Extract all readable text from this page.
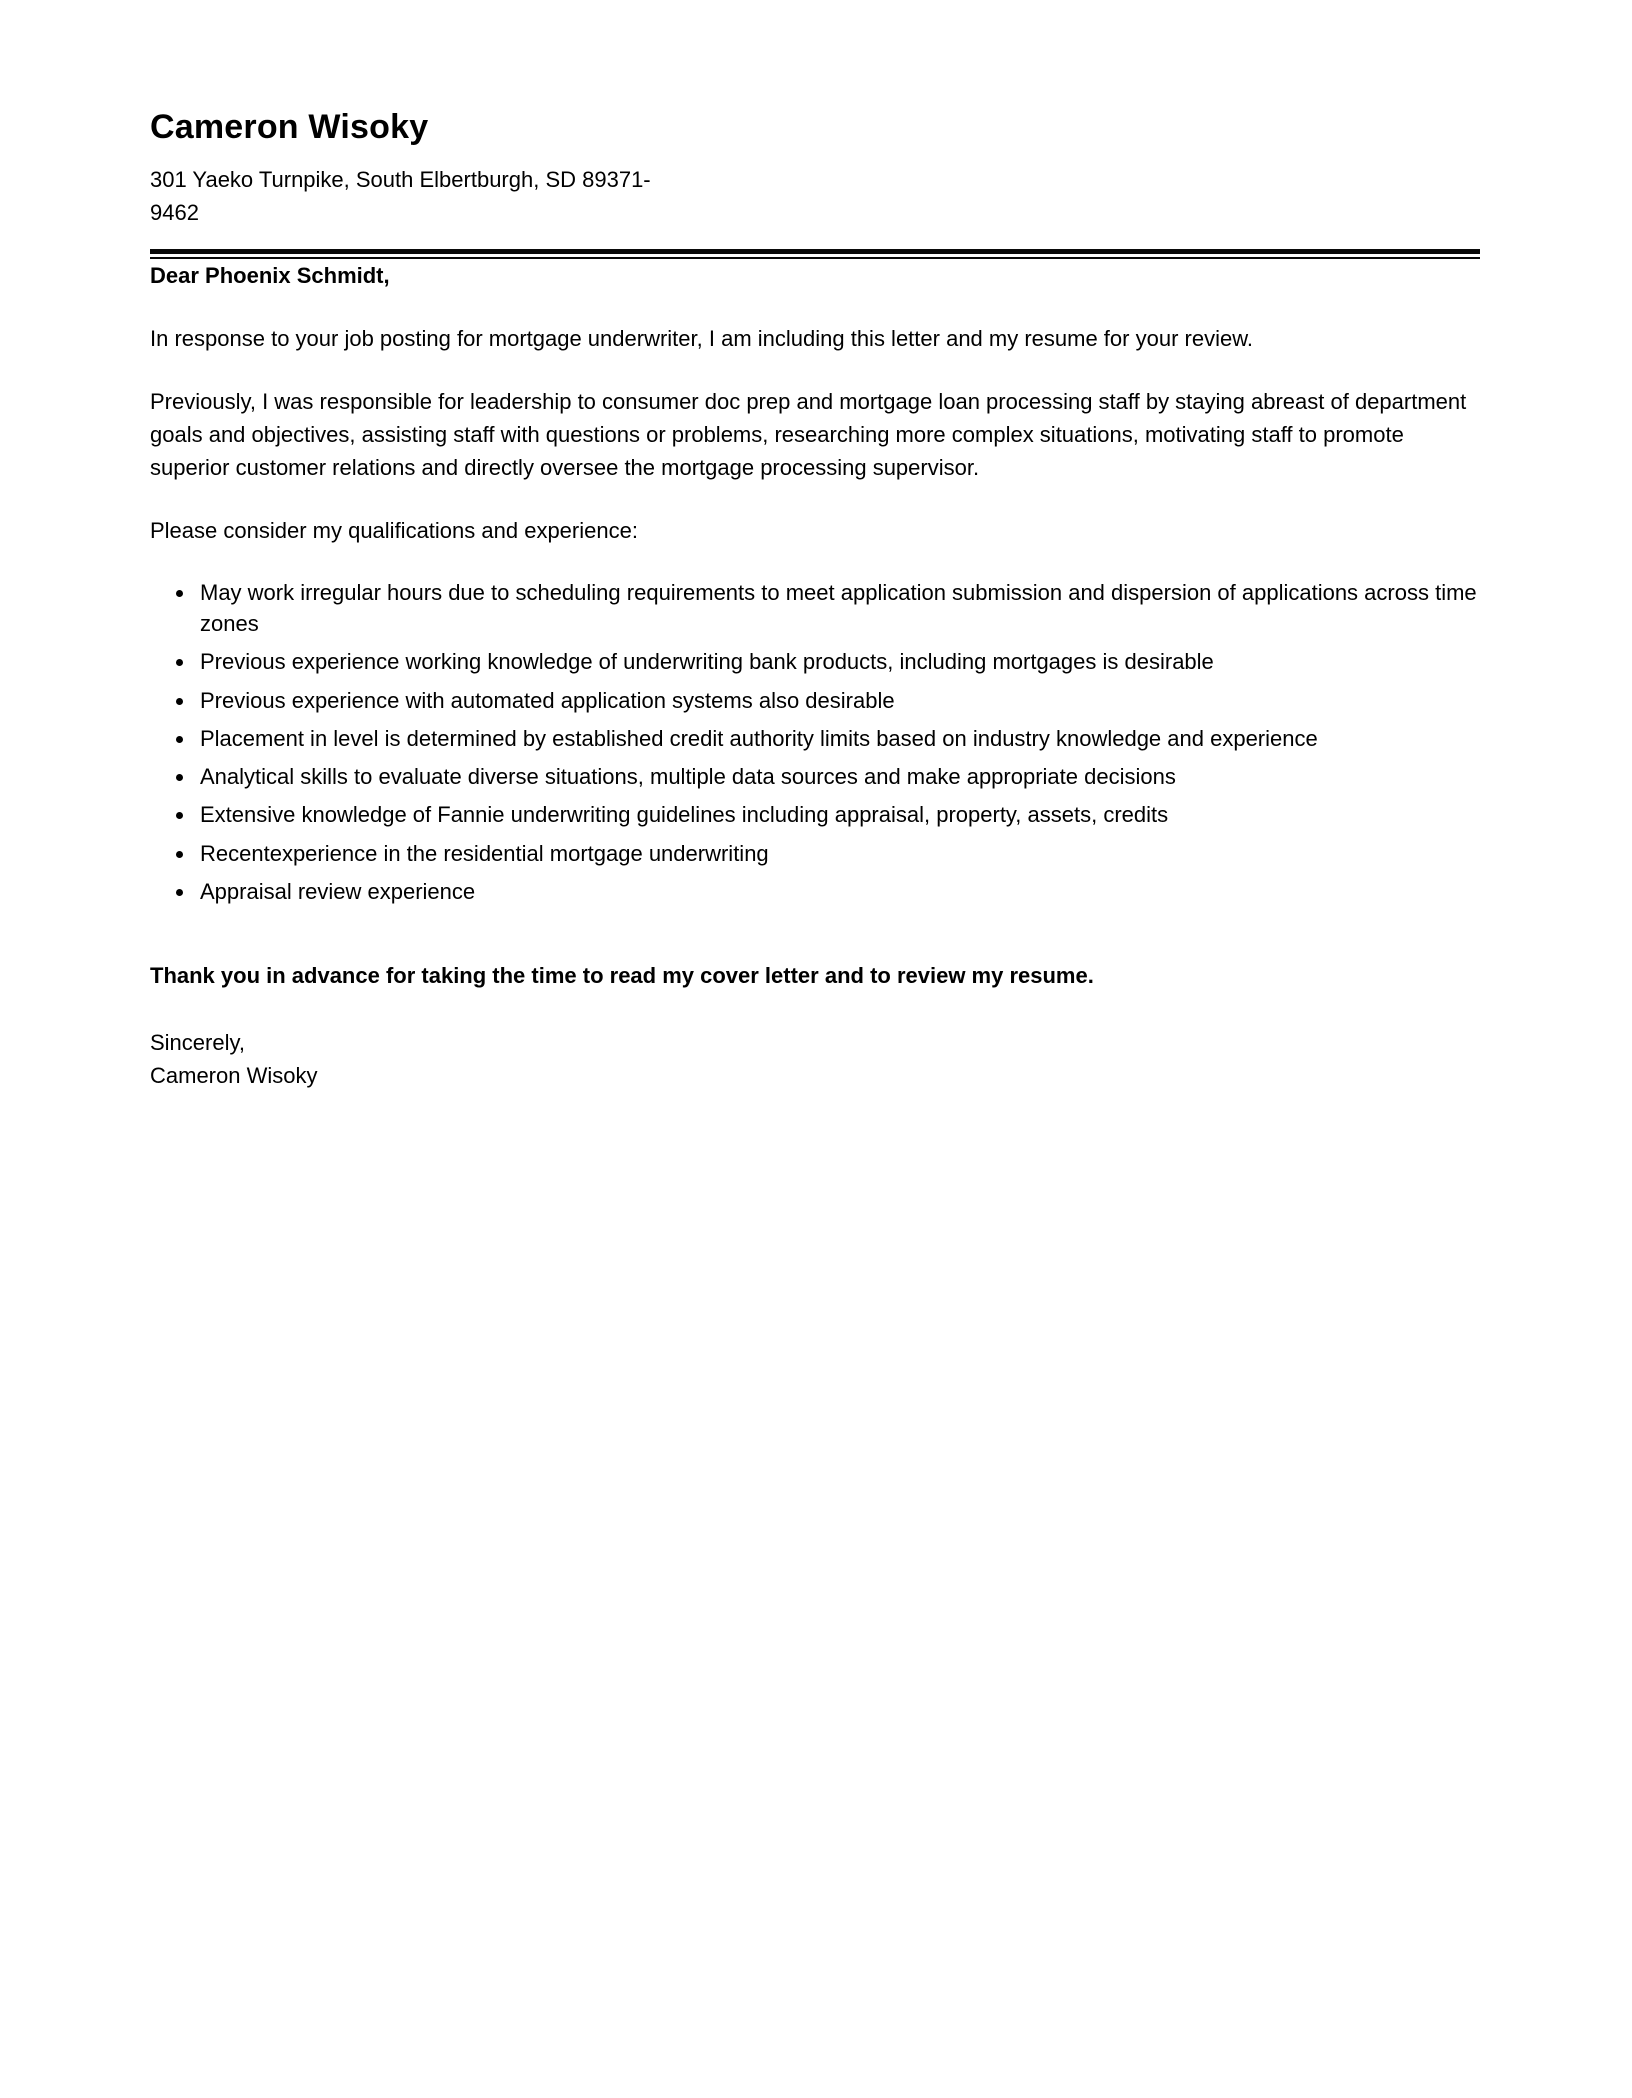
Cameron Wisoky

301 Yaeko Turnpike, South Elbertburgh, SD 89371-

9462

Dear Phoenix Schmidt,

In response to your job posting for mortgage underwriter, I am including this letter and my resume for your review.

Previously, I was responsible for leadership to consumer doc prep and mortgage loan processing staff by staying abreast of department goals and objectives, assisting staff with questions or problems, researching more complex situations, motivating staff to promote superior customer relations and directly oversee the mortgage processing supervisor.

Please consider my qualifications and experience:

• May work irregular hours due to scheduling requirements to meet application submission and dispersion of applications across time zones
• Previous experience working knowledge of underwriting bank products, including mortgages is desirable
• Previous experience with automated application systems also desirable
• Placement in level is determined by established credit authority limits based on industry knowledge and experience
• Analytical skills to evaluate diverse situations, multiple data sources and make appropriate decisions
• Extensive knowledge of Fannie underwriting guidelines including appraisal, property, assets, credits
• Recentexperience in the residential mortgage underwriting
• Appraisal review experience

Thank you in advance for taking the time to read my cover letter and to review my resume.

Sincerely,

Cameron Wisoky
